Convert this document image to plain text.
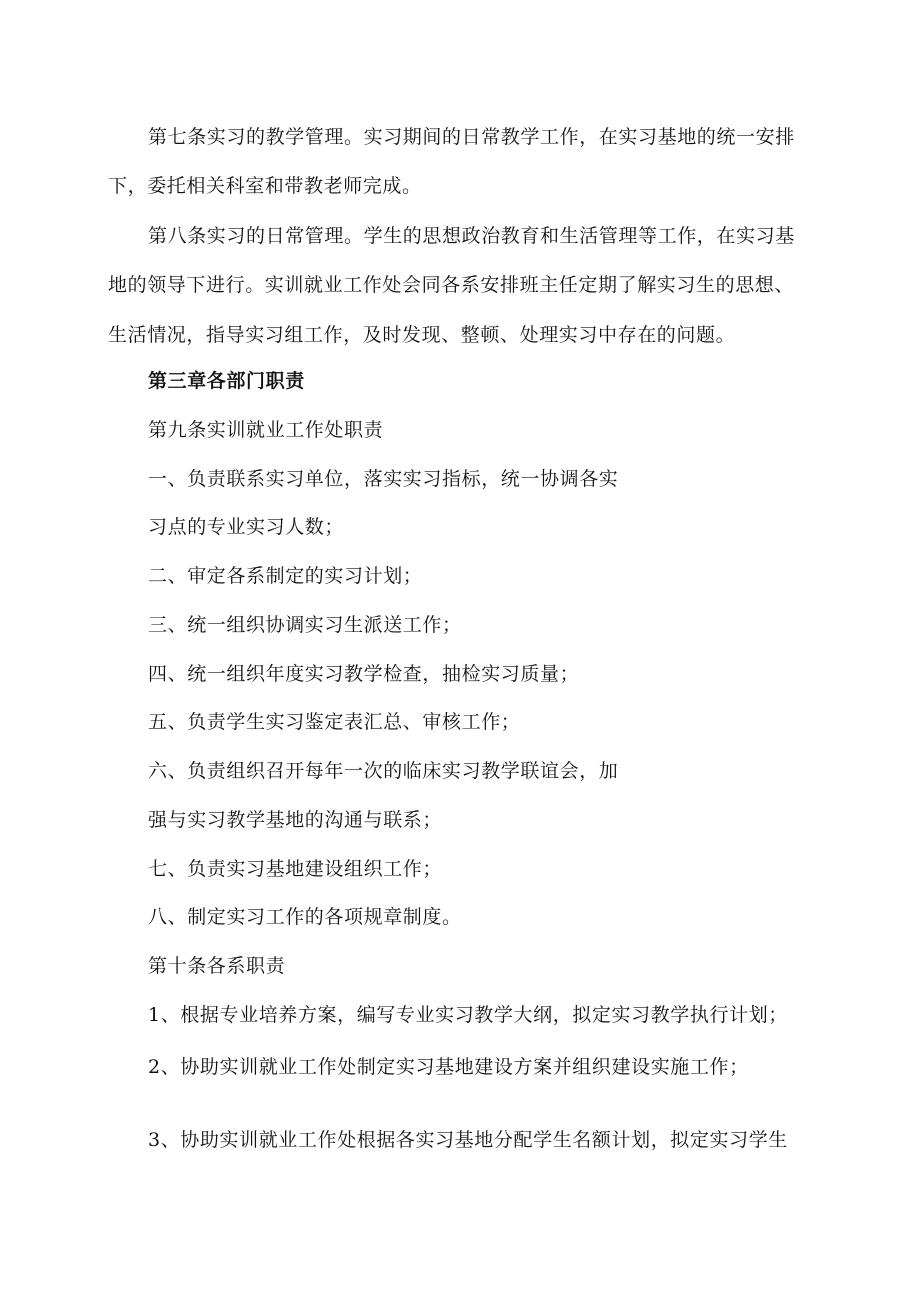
第七条实习的教学管理。实习期间的日常教学工作，在实习基地的统一安排
下，委托相关科室和带教老师完成。
第八条实习的日常管理。学生的思想政治教育和生活管理等工作，在实习基
地的领导下进行。实训就业工作处会同各系安排班主任定期了解实习生的思想、
生活情况，指导实习组工作，及时发现、整顿、处理实习中存在的问题。
第三章各部门职责
第九条实训就业工作处职责
一、负责联系实习单位，落实实习指标，统一协调各实
习点的专业实习人数；
二、审定各系制定的实习计划；
三、统一组织协调实习生派送工作；
四、统一组织年度实习教学检查，抽检实习质量；
五、负责学生实习鉴定表汇总、审核工作；
六、负责组织召开每年一次的临床实习教学联谊会，加
强与实习教学基地的沟通与联系；
七、负责实习基地建设组织工作；
八、制定实习工作的各项规章制度。
第十条各系职责
1、根据专业培养方案，编写专业实习教学大纲，拟定实习教学执行计划；
2、协助实训就业工作处制定实习基地建设方案并组织建设实施工作；
3、协助实训就业工作处根据各实习基地分配学生名额计划，拟定实习学生
